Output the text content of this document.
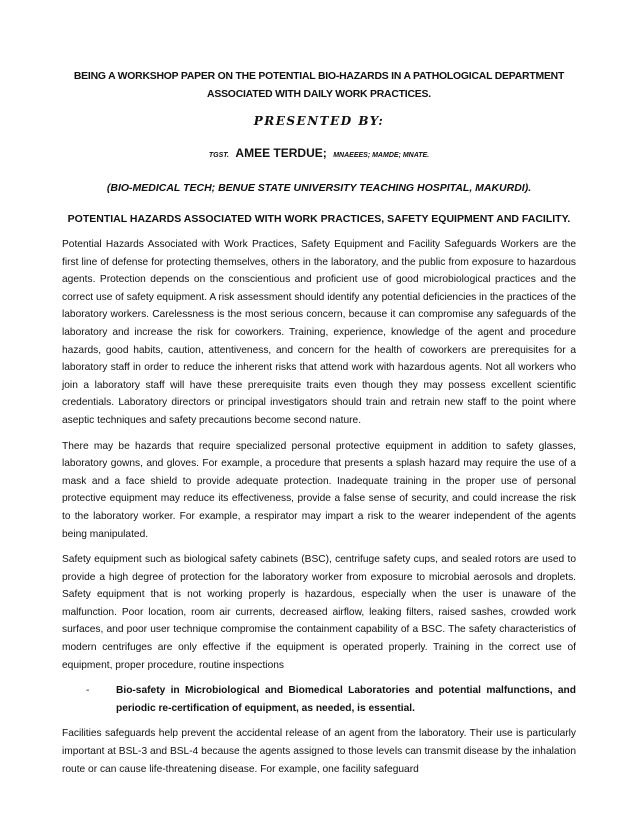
BEING A WORKSHOP PAPER ON THE POTENTIAL BIO-HAZARDS IN A PATHOLOGICAL DEPARTMENT

ASSOCIATED WITH DAILY WORK PRACTICES.

PRESENTED BY:
TGST. AMEE TERDUE; MNAEEES; MAMDE; MNATE.
(BIO-MEDICAL TECH; BENUE STATE UNIVERSITY TEACHING HOSPITAL, MAKURDI).
POTENTIAL HAZARDS ASSOCIATED WITH WORK PRACTICES, SAFETY EQUIPMENT AND FACILITY.

Potential Hazards Associated with Work Practices, Safety Equipment and Facility Safeguards Workers are the first line of defense for protecting themselves, others in the laboratory, and the public from exposure to hazardous agents. Protection depends on the conscientious and proficient use of good microbiological practices and the correct use of safety equipment. A risk assessment should identify any potential deficiencies in the practices of the laboratory workers. Carelessness is the most serious concern, because it can compromise any safeguards of the laboratory and increase the risk for coworkers. Training, experience, knowledge of the agent and procedure hazards, good habits, caution, attentiveness, and concern for the health of coworkers are prerequisites for a laboratory staff in order to reduce the inherent risks that attend work with hazardous agents. Not all workers who join a laboratory staff will have these prerequisite traits even though they may possess excellent scientific credentials. Laboratory directors or principal investigators should train and retrain new staff to the point where aseptic techniques and safety precautions become second nature.

There may be hazards that require specialized personal protective equipment in addition to safety glasses, laboratory gowns, and gloves. For example, a procedure that presents a splash hazard may require the use of a mask and a face shield to provide adequate protection. Inadequate training in the proper use of personal protective equipment may reduce its effectiveness, provide a false sense of security, and could increase the risk to the laboratory worker. For example, a respirator may impart a risk to the wearer independent of the agents being manipulated.

Safety equipment such as biological safety cabinets (BSC), centrifuge safety cups, and sealed rotors are used to provide a high degree of protection for the laboratory worker from exposure to microbial aerosols and droplets. Safety equipment that is not working properly is hazardous, especially when the user is unaware of the malfunction. Poor location, room air currents, decreased airflow, leaking filters, raised sashes, crowded work surfaces, and poor user technique compromise the containment capability of a BSC. The safety characteristics of modern centrifuges are only effective if the equipment is operated properly. Training in the correct use of equipment, proper procedure, routine inspections

-	Bio-safety in Microbiological and Biomedical Laboratories and potential malfunctions, and periodic re-certification of equipment, as needed, is essential.

Facilities safeguards help prevent the accidental release of an agent from the laboratory. Their use is particularly important at BSL-3 and BSL-4 because the agents assigned to those levels can transmit disease by the inhalation route or can cause life-threatening disease. For example, one facility safeguard
